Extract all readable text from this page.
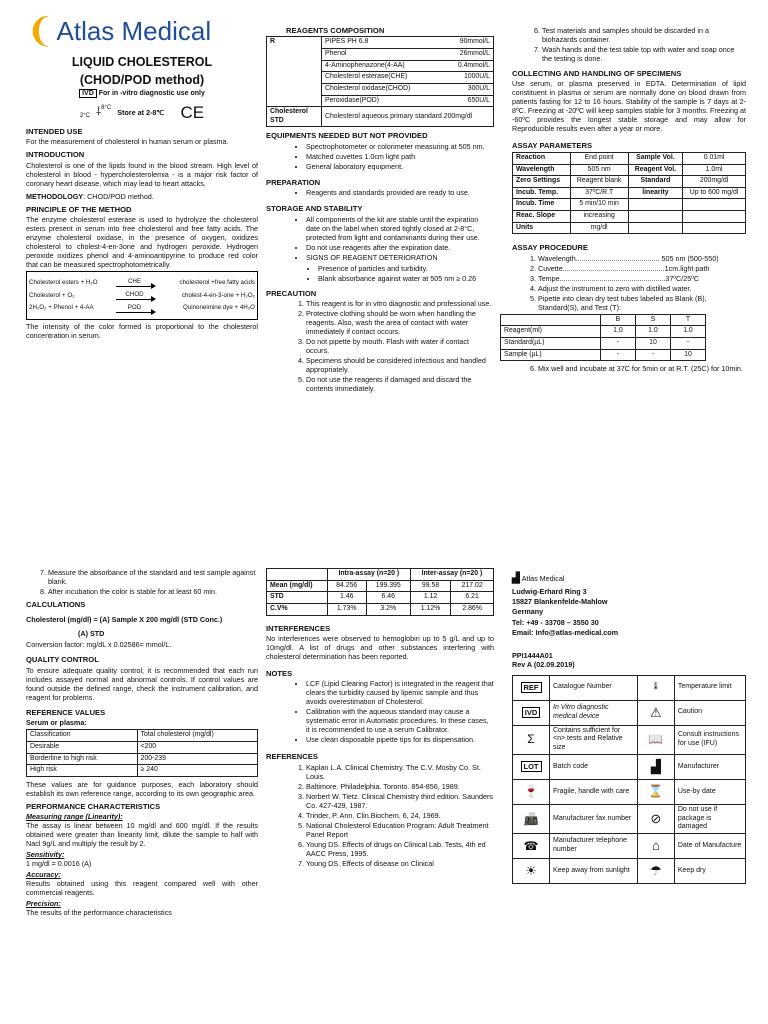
❨ Atlas Medical
LIQUID CHOLESTEROL
(CHOD/POD method)
IVD For in -vitro diagnostic use only
2°C ⸸ 8°C
Store at 2-8℃ CE
INTENDED USE

For the measurement of cholesterol in human serum or plasma.

INTRODUCTION

Cholesterol is one of the lipids found in the blood stream. High level of cholesterol in blood - hypercholesterolemia - is a major risk factor of coronary heart disease, which may lead to heart attacks.

METHODOLOGY: CHOD/POD method.

PRINCIPLE OF THE METHOD

The enzyme cholesterol esterase is used to hydrolyze the cholesterol esters present in serum into free cholesterol and free fatty acids. The enzyme cholesterol oxidase, in the presence of oxygen, oxidizes cholesterol to cholest-4-en-3one and hydrogen peroxide. Hydrogen peroxide oxidizes phenol and 4-aminoantipyrine to produce red color that can be measured spectrophotometrically.

Cholesterol esters + H₂O	CHE	cholesterol +free fatty acids
Cholesterol + O₂	CHOD	cholest-4-en-3-one + H₂O₂
2H₂O₂ + Phenol + 4-AA	POD	Quinoneimine dye + 4H₂O

The intensity of the color formed is proportional to the cholesterol concentration in serum.

7. Measure the absorbance of the standard and test sample against blank.
8. After incubation the color is stable for at least 60 min.
CALCULATIONS

Cholesterol (mg/dl) = (A) Sample X 200 mg/dl (STD Conc.)

(A) STD

Conversion factor: mg/dL x 0.02586= mmol/L.

QUALITY CONTROL

To ensure adequate quality control, it is recommended that each run includes assayed normal and abnormal controls. If control values are found outside the defined range, check the instrument calibration, and reagent for problems.

REFERENCE VALUES

Serum or plasma:

Classification	Total cholesterol (mg/dl)
Desirable	<200
Borderline to high risk	200-239
High risk	≥ 240

These values are for guidance purposes, each laboratory should establish its own reference range, according to its own geographic area.

PERFORMANCE CHARACTERISTICS
Measuring range (Linearity):

The assay is linear between 10 mg/dl and 600 mg/dl. If the results obtained were greater than linearity limit, dilute the sample to half with Nacl 9g/L and multiply the result by 2.

Sensitivity:

1 mg/dl = 0.0016 (A)

Accuracy:

Results obtained using this reagent compared well with other commercial reagents.

Precision:

The results of the performance characteristics

REAGENTS COMPOSITION
R	PIPES PH 6.8	90mmol/L
	Phenol	26mmol/L
	4-Aminophenazone(4-AA)	0.4mmol/L
	Cholesterol esterase(CHE)	1000U/L
	Cholesterol oxidase(CHOD)	300U/L
	Peroxidase(POD)	650U/L
Cholesterol STD	Cholesterol aqueous primary standard 200mg/dl	
EQUIPMENTS NEEDED BUT NOT PROVIDED
• Spectrophotometer or colorimeter measuring at 505 nm.
• Matched cuvettes 1.0cm light path
• General laboratory equipment.
PREPARATION
• Reagents and standards provided are ready to use.
STORAGE AND STABILITY
• All components of the kit are stable until the expiration date on the label when stored tightly closed at 2-8°C, protected from light and contaminants during their use.
• Do not use reagents after the expiration date.
• SIGNS OF REAGENT DETERIORATION
• Presence of particles and turbidity.
• Blank absorbance against water at 505 nm ≥ 0.26
PRECAUTION
1. This reagent is for in vitro diagnostic and professional use.
2. Protective clothing should be worn when handling the reagents. Also, wash the area of contact with water immediately if contact occurs.
3. Do not pipette by mouth. Flash with water if contact occurs.
4. Specimens should be considered infectious and handled appropriately.
5. Do not use the reagents if damaged and discard the contents immediately.
	Intra-assay (n=20 )		Inter-assay (n=20 )	
Mean (mg/dl)	84.256	199.395	99.58	217.02
STD	1.46	6.46	1.12	6.21
C.V%	1.73%	3.2%	1.12%	2.86%
INTERFERENCES

No interferences were observed to hemoglobin up to 5 g/L and up to 10mg/dl. A list of drugs and other substances interfering with cholesterol determination has been reported.

NOTES
• LCF (Lipid Clearing Factor) is integrated in the reagent that clears the turbidity caused by lipemic sample and thus avoids overestimation of Cholesterol.
• Calibration with the aqueous standard may cause a systematic error in Automatic procedures. In these cases, it is recommended to use a serum Calibrator.
• Use clean disposable pipette tips for its dispensation.
REFERENCES
1. Kaplan L.A. Clinical Chemistry. The C.V. Mosby Co. St. Louis.
2. Baltimore. Philadelphia. Toronto. 854-856, 1989.
3. Norbert W. Tietz. Clinical Chemistry third edition. Saunders Co. 427-429, 1987.
4. Trinder, P. Ann. Clin.Biochem. 6, 24, 1969.
5. National Cholesterol Education Program: Adult Treatment Panel Report
6. Young DS. Effects of drugs on Clinical Lab. Tests, 4th ed AACC Press, 1995.
7. Young DS. Effects of disease on Clinical
6. Test materials and samples should be discarded in a biohazards container.
7. Wash hands and the test table top with water and soap once the testing is done.
COLLECTING AND HANDLING OF SPECIMENS

Use serum, or plasma preserved in EDTA. Determination of lipid constituent in plasma or serum are normally done on blood drawn from patients fasting for 12 to 16 hours. Stability of the sample is 7 days at 2-8ºC. Freezing at -20ºC will keep samples stable for 3 months. Freezing at -60ºC provides the longest stable storage and may allow for Reproducible results even after a year or more.

ASSAY PARAMETERS
Reaction	End point	Sample Vol.	0.01ml
Wavelength	505 nm	Reagent Vol.	1.0ml
Zero Settings	Reagent blank	Standard	200mg/dl
Incub. Temp.	37ºC/R.T	linearity	Up to 600 mg/dl
Incub. Time	5 min/10 min		
Reac. Slope	increasing		
Units	mg/dl		
ASSAY PROCEDURE
1. Wavelength.......................................... 505 nm (500-550)
2. Cuvette...................................................1cm.light path
3. Tempe.....................................................37ºC/25ºC
4. Adjust the instrument to zero with distilled water.
5. Pipette into clean dry test tubes labeled as Blank (B), Standard(S), and Test (T):
	B	S	T
Reagent(ml)	1.0	1.0	1.0
Standard(µL)	-	10	-
Sample (µL)	-	-	10
6. Mix well and incubate at 37C for 5min or at R.T. (25C) for 10min.
▟ Atlas Medical
Ludwig-Erhard Ring 3
15827 Blankenfelde-Mahlow
Germany
Tel: +49 - 33708 – 3550 30
Email: Info@atlas-medical.com
PPI1444A01
Rev A (02.09.2019)
REF	Catalogue Number	🌡	Temperature limit
IVD	In Vitro diagnostic medical device	⚠	Caution
Σ	Contains sufficient for <n> tests and Relative size	📖	Consult instructions for use (IFU)
LOT	Batch code	▟	Manufacturer
🍷	Fragile, handle with care	⌛	Use-by date
📠	Manufacturer fax number	⊘	Do not use if package is damaged
☎	Manufacturer telephone number	⌂	Date of Manufacture
☀	Keep away from sunlight	☂	Keep dry
